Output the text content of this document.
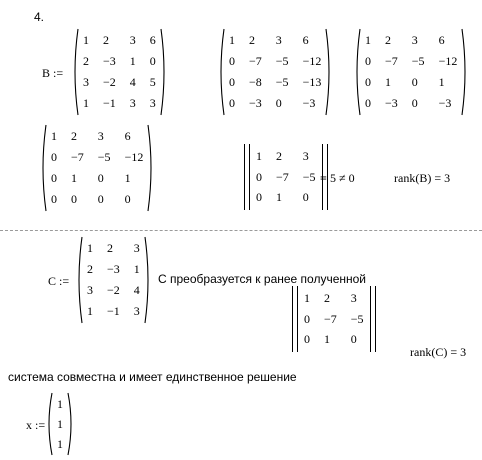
4.
B :=
1 2	3 6
2 −3 1 0
3 −2 4 5
1 −1 3 3
1 2	3	6
0 −7 −5 −12
0 −8 −5 −13
0 −3 0	−3
1 2	3	6
0 −7 −5 −12
0 1	0	1
0 −3 0	−3
1 2	3	6
0 −7 −5 −12
0 1	0	1
0 0	0	0
1 2	3
0 −7 −5
0 1	0
= 5 ≠ 0	rank(B) = 3
C :=
1 2	3
2 −3 1
3 −2 4
1 −1 3
C преобразуется к ранее полученной
1 2	3
0 −7 −5
0 1	0
rank(C) = 3
система совместна и имеет единственное решение
x :=
1
1
1
